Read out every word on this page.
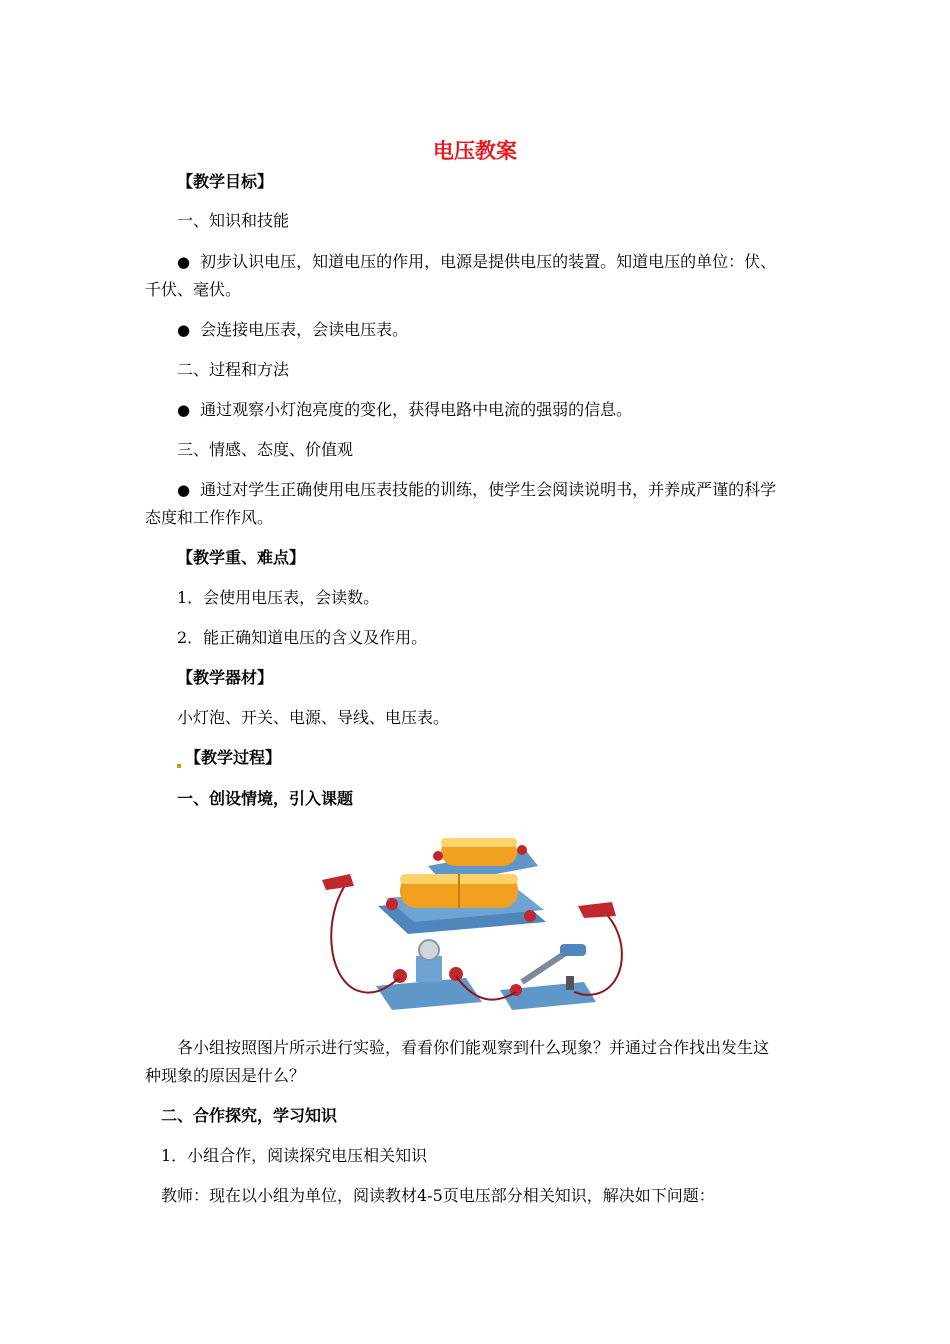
电压教案
【教学目标】
一、知识和技能
● 初步认识电压，知道电压的作用，电源是提供电压的装置。知道电压的单位：伏、
千伏、毫伏。
● 会连接电压表，会读电压表。
二、过程和方法
● 通过观察小灯泡亮度的变化，获得电路中电流的强弱的信息。
三、情感、态度、价值观
● 通过对学生正确使用电压表技能的训练，使学生会阅读说明书，并养成严谨的科学
态度和工作作风。
【教学重、难点】
1．会使用电压表，会读数。
2．能正确知道电压的含义及作用。
【教学器材】
小灯泡、开关、电源、导线、电压表。
【教学过程】
一、创设情境，引入课题
各小组按照图片所示进行实验，看看你们能观察到什么现象？并通过合作找出发生这
种现象的原因是什么？
二、合作探究，学习知识
1．小组合作，阅读探究电压相关知识
教师：现在以小组为单位，阅读教材4-5页电压部分相关知识，解决如下问题：
